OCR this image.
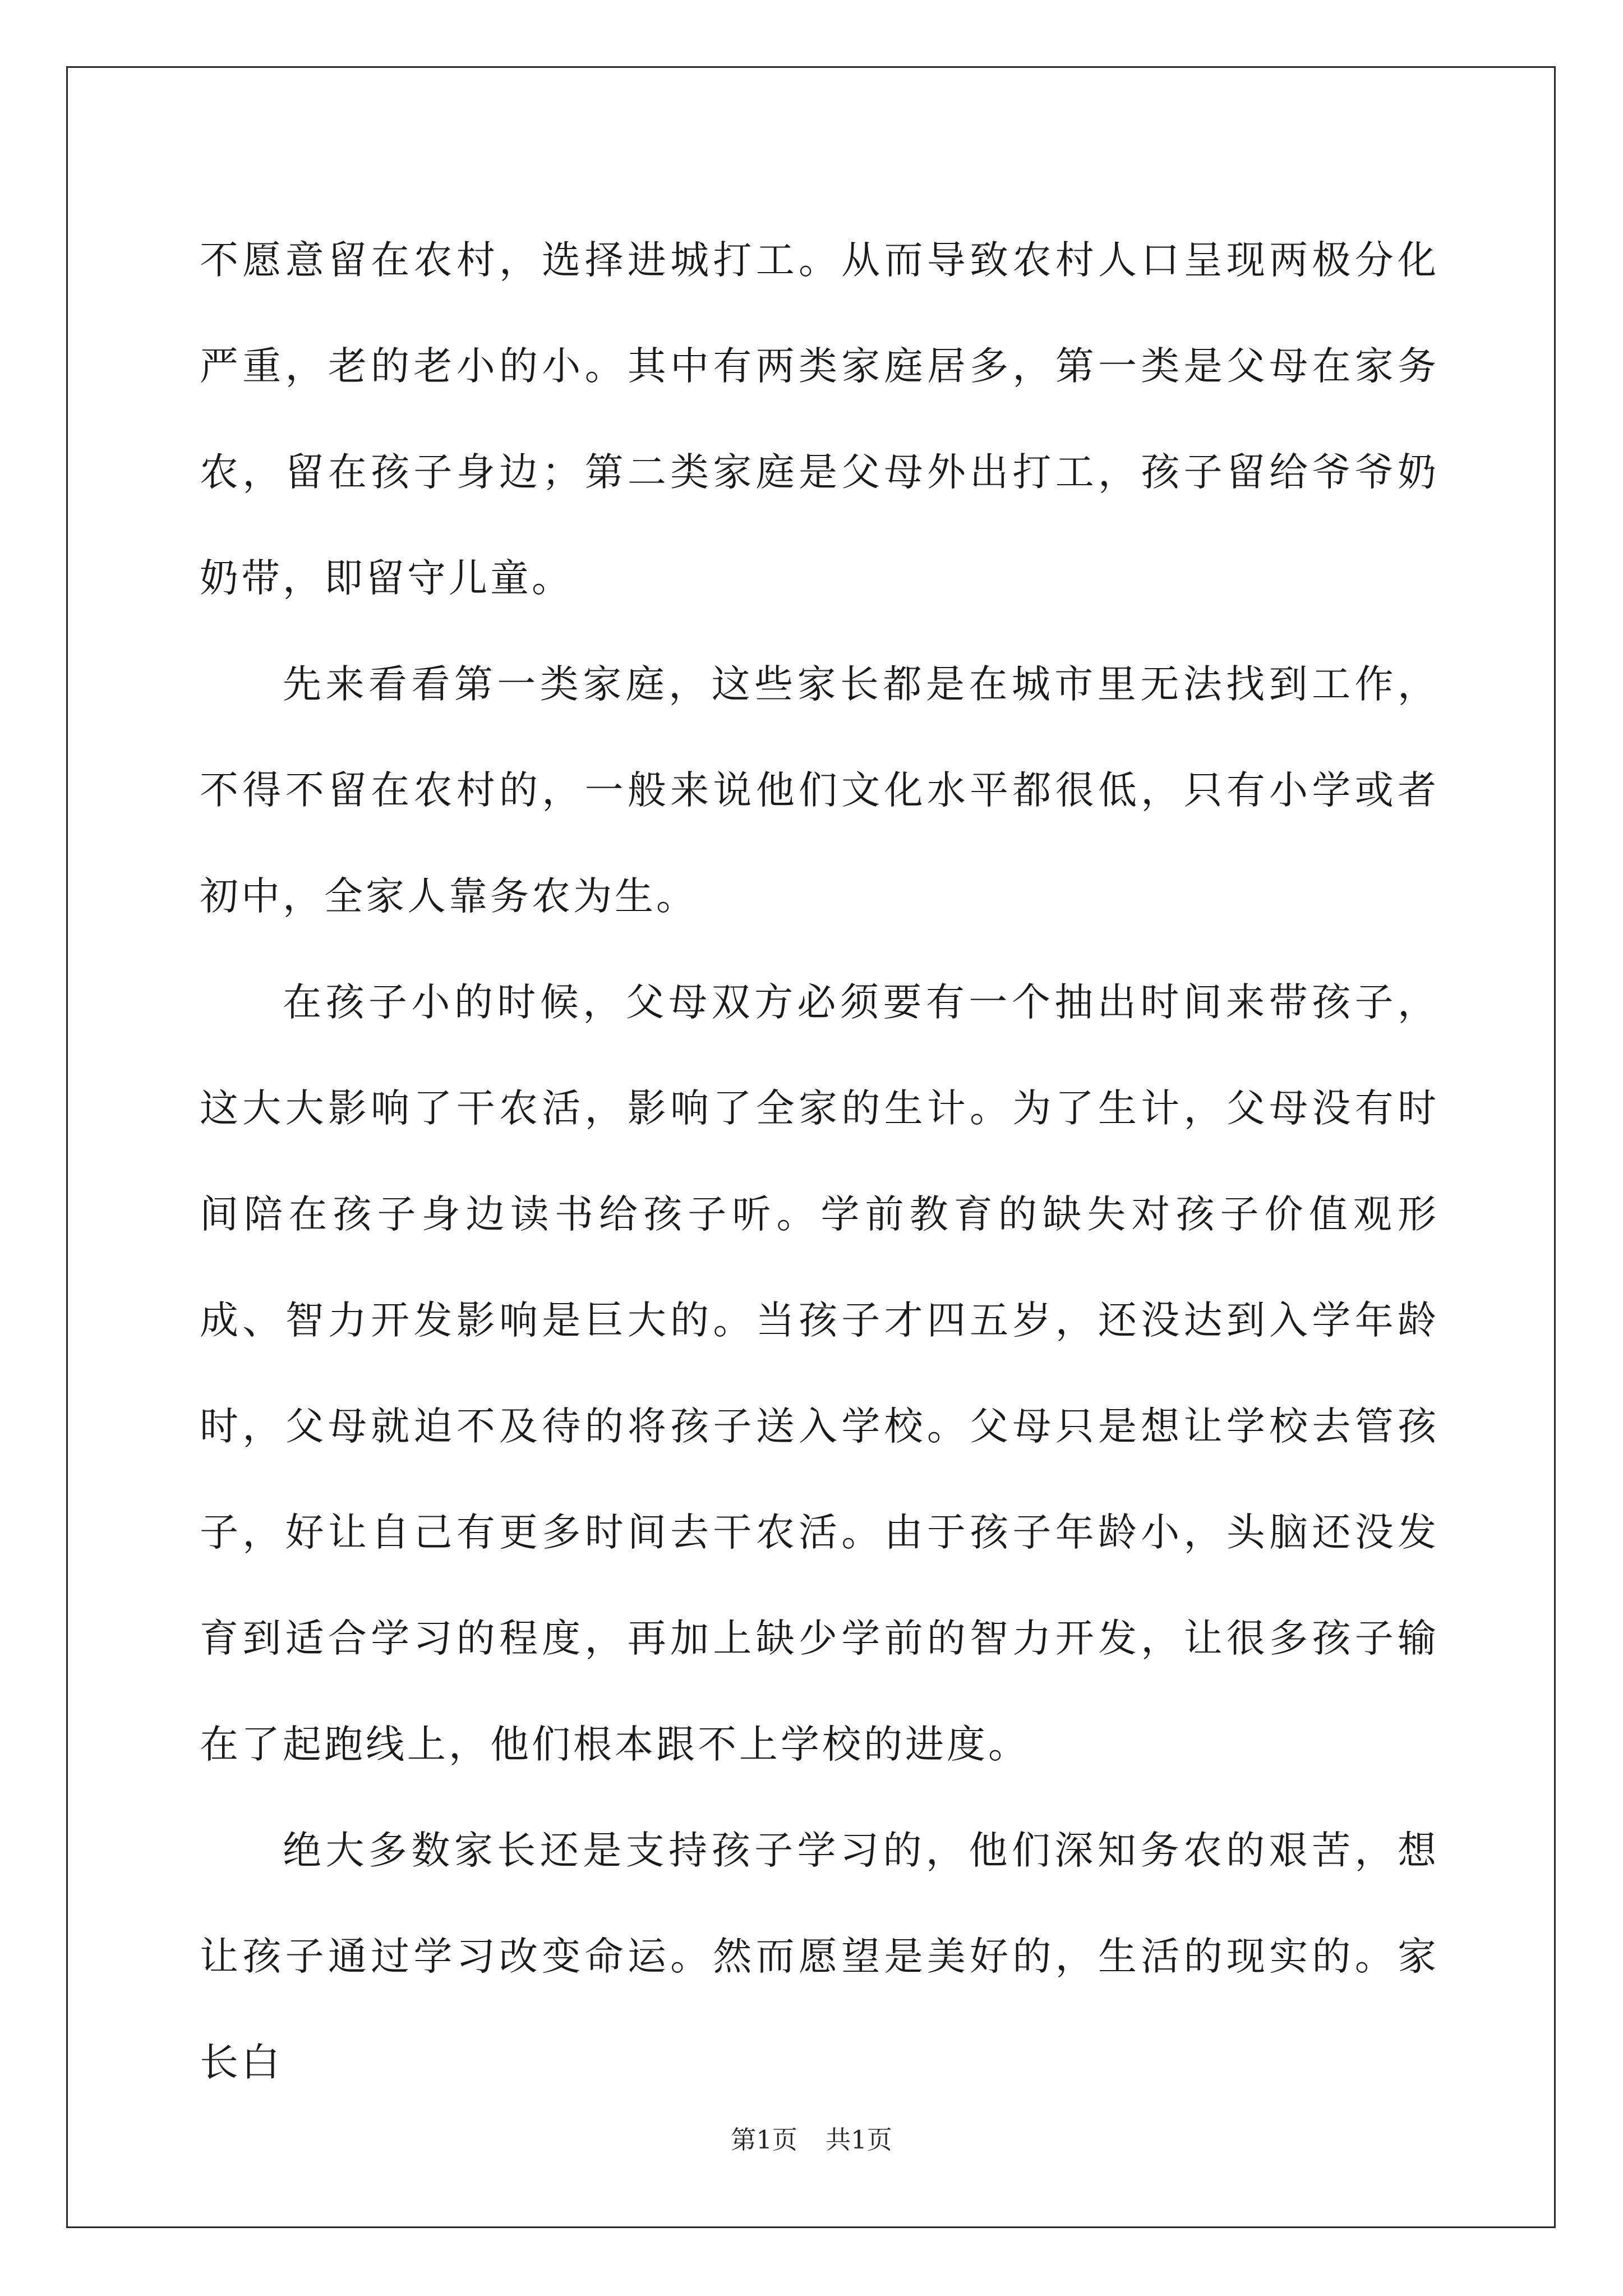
不愿意留在农村，选择进城打工。从而导致农村人口呈现两极分化严重，老的老小的小。其中有两类家庭居多，第一类是父母在家务农，留在孩子身边；第二类家庭是父母外出打工，孩子留给爷爷奶奶带，即留守儿童。

先来看看第一类家庭，这些家长都是在城市里无法找到工作，不得不留在农村的，一般来说他们文化水平都很低，只有小学或者初中，全家人靠务农为生。

在孩子小的时候，父母双方必须要有一个抽出时间来带孩子，这大大影响了干农活，影响了全家的生计。为了生计，父母没有时间陪在孩子身边读书给孩子听。学前教育的缺失对孩子价值观形成、智力开发影响是巨大的。当孩子才四五岁，还没达到入学年龄时，父母就迫不及待的将孩子送入学校。父母只是想让学校去管孩子，好让自己有更多时间去干农活。由于孩子年龄小，头脑还没发育到适合学习的程度，再加上缺少学前的智力开发，让很多孩子输在了起跑线上，他们根本跟不上学校的进度。

绝大多数家长还是支持孩子学习的，他们深知务农的艰苦，想让孩子通过学习改变命运。然而愿望是美好的，生活的现实的。家长白

第1页 共1页
